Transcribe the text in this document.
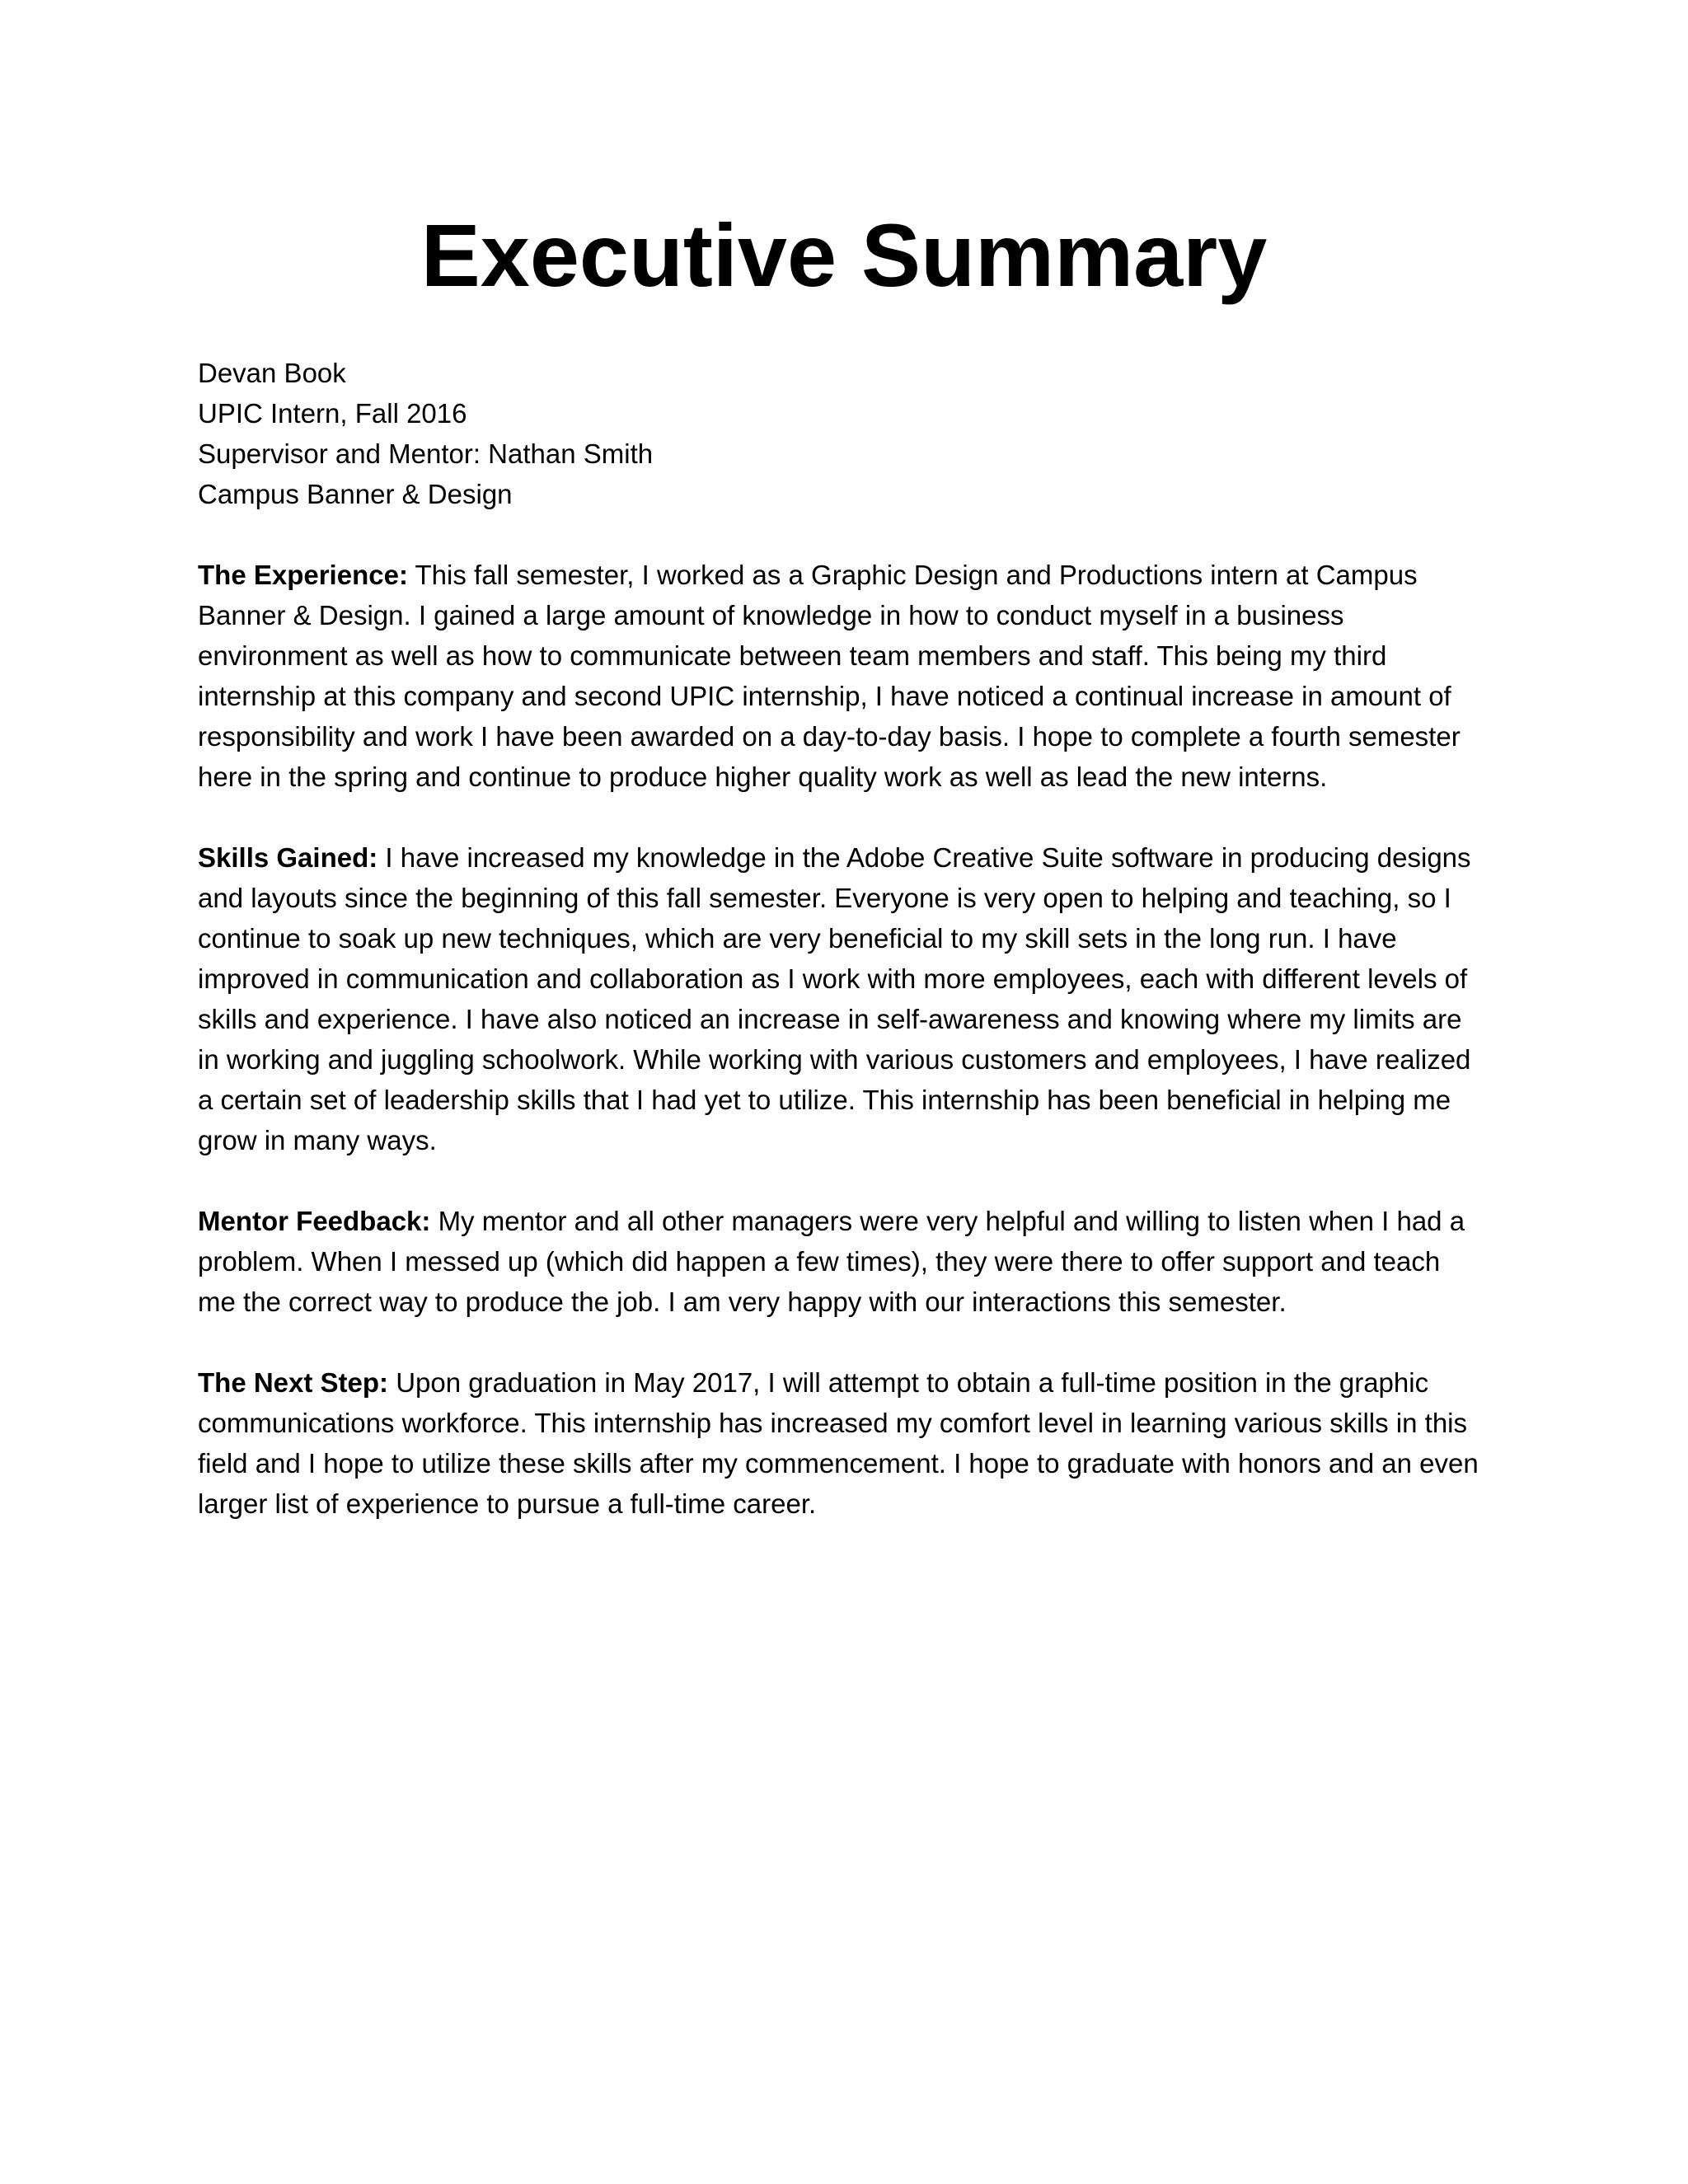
Executive Summary
Devan Book
UPIC Intern, Fall 2016
Supervisor and Mentor: Nathan Smith
Campus Banner & Design

The Experience: This fall semester, I worked as a Graphic Design and Productions intern at Campus Banner & Design. I gained a large amount of knowledge in how to conduct myself in a business environment as well as how to communicate between team members and staff. This being my third internship at this company and second UPIC internship, I have noticed a continual increase in amount of responsibility and work I have been awarded on a day-to-day basis. I hope to complete a fourth semester here in the spring and continue to produce higher quality work as well as lead the new interns.

Skills Gained: I have increased my knowledge in the Adobe Creative Suite software in producing designs and layouts since the beginning of this fall semester. Everyone is very open to helping and teaching, so I continue to soak up new techniques, which are very beneficial to my skill sets in the long run. I have improved in communication and collaboration as I work with more employees, each with different levels of skills and experience. I have also noticed an increase in self-awareness and knowing where my limits are in working and juggling schoolwork. While working with various customers and employees, I have realized a certain set of leadership skills that I had yet to utilize. This internship has been beneficial in helping me grow in many ways.

Mentor Feedback: My mentor and all other managers were very helpful and willing to listen when I had a problem. When I messed up (which did happen a few times), they were there to offer support and teach me the correct way to produce the job. I am very happy with our interactions this semester.

The Next Step: Upon graduation in May 2017, I will attempt to obtain a full-time position in the graphic communications workforce. This internship has increased my comfort level in learning various skills in this field and I hope to utilize these skills after my commencement. I hope to graduate with honors and an even larger list of experience to pursue a full-time career.
